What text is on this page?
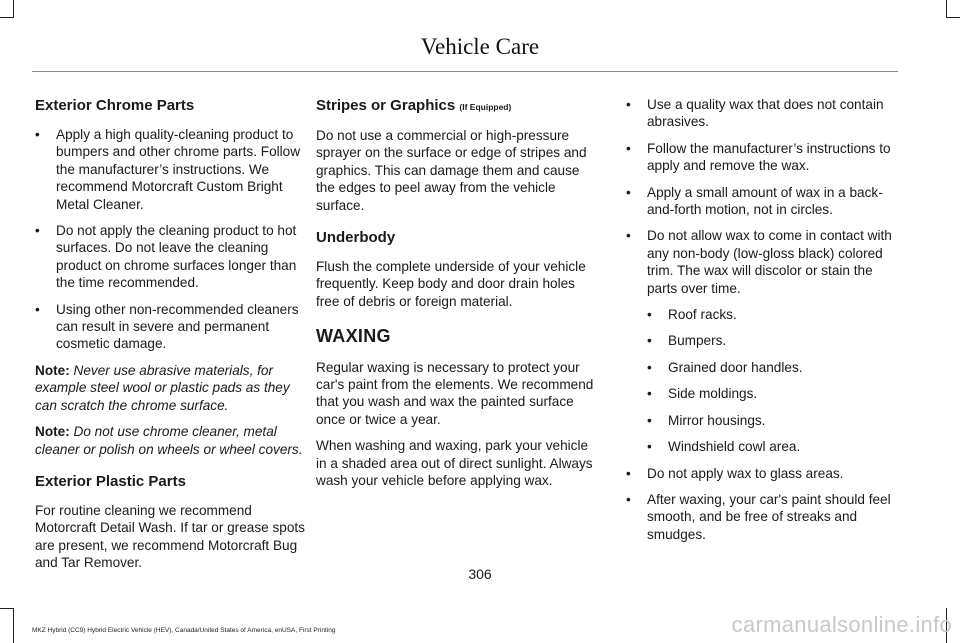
Vehicle Care
Exterior Chrome Parts
• Apply a high quality-cleaning product to bumpers and other chrome parts. Follow the manufacturer’s instructions. We recommend Motorcraft Custom Bright Metal Cleaner.
• Do not apply the cleaning product to hot surfaces. Do not leave the cleaning product on chrome surfaces longer than the time recommended.
• Using other non-recommended cleaners can result in severe and permanent cosmetic damage.

Note: Never use abrasive materials, for example steel wool or plastic pads as they can scratch the chrome surface.

Note: Do not use chrome cleaner, metal cleaner or polish on wheels or wheel covers.

Exterior Plastic Parts

For routine cleaning we recommend Motorcraft Detail Wash. If tar or grease spots are present, we recommend Motorcraft Bug and Tar Remover.

Stripes or Graphics (If Equipped)

Do not use a commercial or high-pressure sprayer on the surface or edge of stripes and graphics. This can damage them and cause the edges to peel away from the vehicle surface.

Underbody

Flush the complete underside of your vehicle frequently. Keep body and door drain holes free of debris or foreign material.

WAXING

Regular waxing is necessary to protect your car's paint from the elements. We recommend that you wash and wax the painted surface once or twice a year.

When washing and waxing, park your vehicle in a shaded area out of direct sunlight. Always wash your vehicle before applying wax.

• Use a quality wax that does not contain abrasives.
• Follow the manufacturer’s instructions to apply and remove the wax.
• Apply a small amount of wax in a back-and-forth motion, not in circles.
• Do not allow wax to come in contact with any non-body (low-gloss black) colored trim. The wax will discolor or stain the parts over time.
• Roof racks.
• Bumpers.
• Grained door handles.
• Side moldings.
• Mirror housings.
• Windshield cowl area.
• Do not apply wax to glass areas.
• After waxing, your car's paint should feel smooth, and be free of streaks and smudges.
306
MKZ Hybrid (CC9) Hybrid Electric Vehicle (HEV), Canada/United States of America, enUSA, First Printing	carmanualsonline.info
